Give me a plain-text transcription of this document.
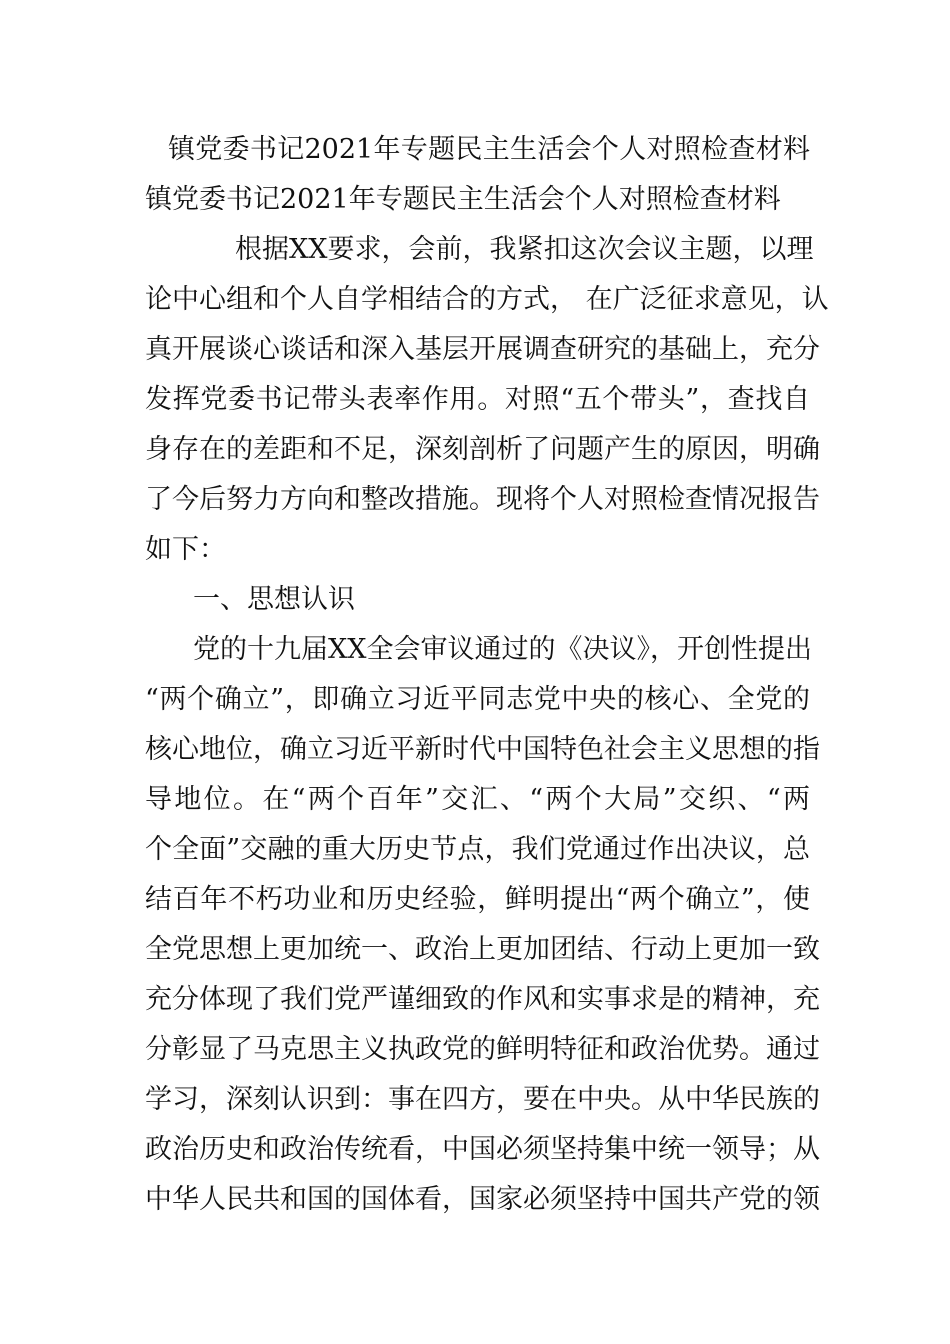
镇党委书记2021年专题民主生活会个人对照检查材料
镇党委书记2021年专题民主生活会个人对照检查材料
根据XX要求，会前，我紧扣这次会议主题，以理
论中心组和个人自学相结合的方式， 在广泛征求意见，认
真开展谈心谈话和深入基层开展调查研究的基础上，充分
发挥党委书记带头表率作用。对照“五个带头”，查找自
身存在的差距和不足，深刻剖析了问题产生的原因，明确
了今后努力方向和整改措施。现将个人对照检查情况报告
如下：
一、思想认识
党的十九届XX全会审议通过的《决议》，开创性提出
“两个确立”，即确立习近平同志党中央的核心、全党的
核心地位，确立习近平新时代中国特色社会主义思想的指
导地位。在“两个百年”交汇、“两个大局”交织、“两
个全面”交融的重大历史节点，我们党通过作出决议，总
结百年不朽功业和历史经验，鲜明提出“两个确立”，使
全党思想上更加统一、政治上更加团结、行动上更加一致
充分体现了我们党严谨细致的作风和实事求是的精神，充
分彰显了马克思主义执政党的鲜明特征和政治优势。通过
学习，深刻认识到：事在四方，要在中央。从中华民族的
政治历史和政治传统看，中国必须坚持集中统一领导；从
中华人民共和国的国体看，国家必须坚持中国共产党的领
